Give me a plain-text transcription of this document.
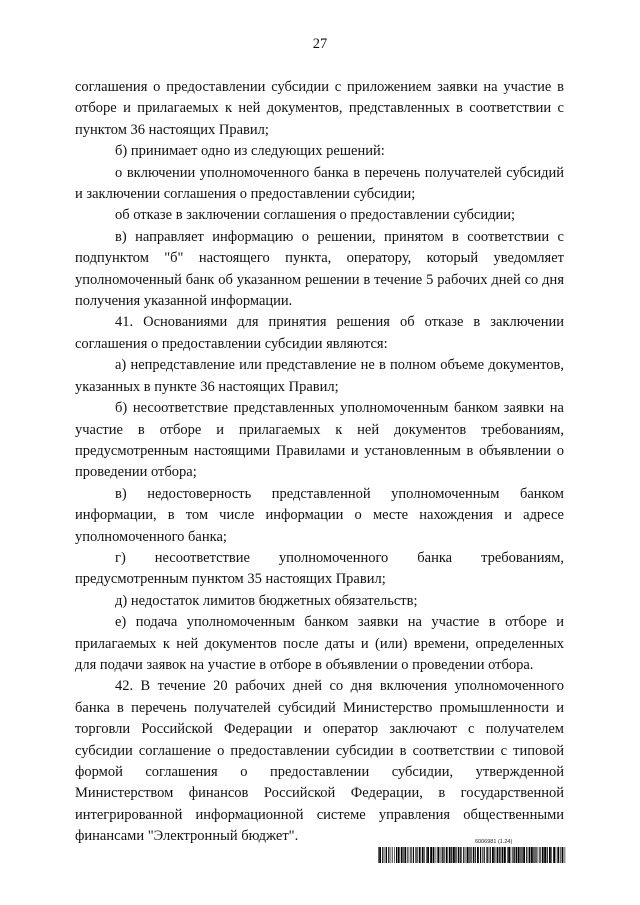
27

соглашения о предоставлении субсидии с приложением заявки на участие в отборе и прилагаемых к ней документов, представленных в соответствии с пунктом 36 настоящих Правил;

б) принимает одно из следующих решений:

о включении уполномоченного банка в перечень получателей субсидий и заключении соглашения о предоставлении субсидии;

об отказе в заключении соглашения о предоставлении субсидии;

в) направляет информацию о решении, принятом в соответствии с подпунктом "б" настоящего пункта, оператору, который уведомляет уполномоченный банк об указанном решении в течение 5 рабочих дней со дня получения указанной информации.

41. Основаниями для принятия решения об отказе в заключении соглашения о предоставлении субсидии являются:

а) непредставление или представление не в полном объеме документов, указанных в пункте 36 настоящих Правил;

б) несоответствие представленных уполномоченным банком заявки на участие в отборе и прилагаемых к ней документов требованиям, предусмотренным настоящими Правилами и установленным в объявлении о проведении отбора;

в) недостоверность представленной уполномоченным банком информации, в том числе информации о месте нахождения и адресе уполномоченного банка;

г) несоответствие уполномоченного банка требованиям, предусмотренным пунктом 35 настоящих Правил;

д) недостаток лимитов бюджетных обязательств;

е) подача уполномоченным банком заявки на участие в отборе и прилагаемых к ней документов после даты и (или) времени, определенных для подачи заявок на участие в отборе в объявлении о проведении отбора.

42. В течение 20 рабочих дней со дня включения уполномоченного банка в перечень получателей субсидий Министерство промышленности и торговли Российской Федерации и оператор заключают с получателем субсидии соглашение о предоставлении субсидии в соответствии с типовой формой соглашения о предоставлении субсидии, утвержденной Министерством финансов Российской Федерации, в государственной интегрированной информационной системе управления общественными финансами "Электронный бюджет".	6006981 (1.24)
